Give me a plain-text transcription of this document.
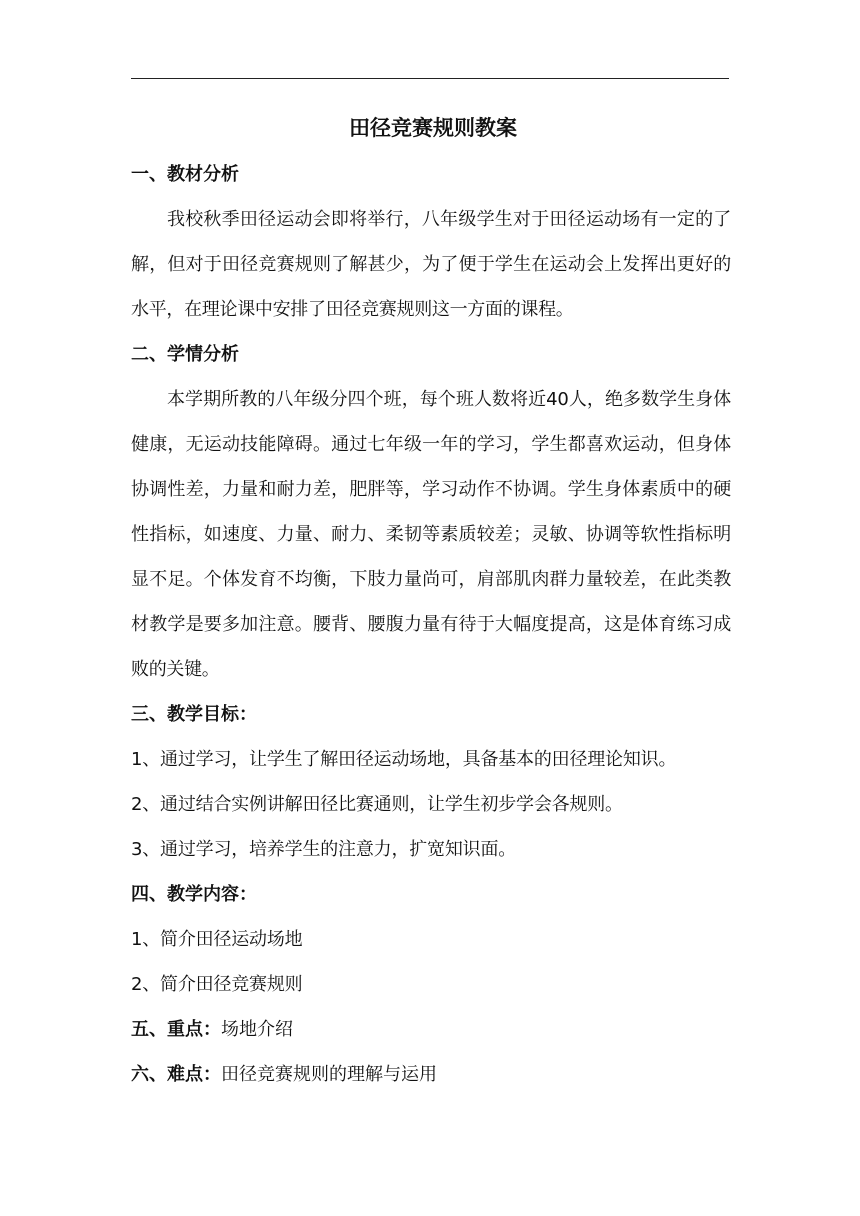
田径竞赛规则教案
一、教材分析

我校秋季田径运动会即将举行，八年级学生对于田径运动场有一定的了解，但对于田径竞赛规则了解甚少，为了便于学生在运动会上发挥出更好的水平，在理论课中安排了田径竞赛规则这一方面的课程。

二、学情分析

本学期所教的八年级分四个班，每个班人数将近40人，绝多数学生身体健康，无运动技能障碍。通过七年级一年的学习，学生都喜欢运动，但身体协调性差，力量和耐力差，肥胖等，学习动作不协调。学生身体素质中的硬性指标，如速度、力量、耐力、柔韧等素质较差；灵敏、协调等软性指标明显不足。个体发育不均衡，下肢力量尚可，肩部肌肉群力量较差，在此类教材教学是要多加注意。腰背、腰腹力量有待于大幅度提高，这是体育练习成败的关键。

三、教学目标：
1、通过学习，让学生了解田径运动场地，具备基本的田径理论知识。
2、通过结合实例讲解田径比赛通则，让学生初步学会各规则。
3、通过学习，培养学生的注意力，扩宽知识面。
四、教学内容：
1、简介田径运动场地
2、简介田径竞赛规则
五、重点：场地介绍
六、难点：田径竞赛规则的理解与运用
